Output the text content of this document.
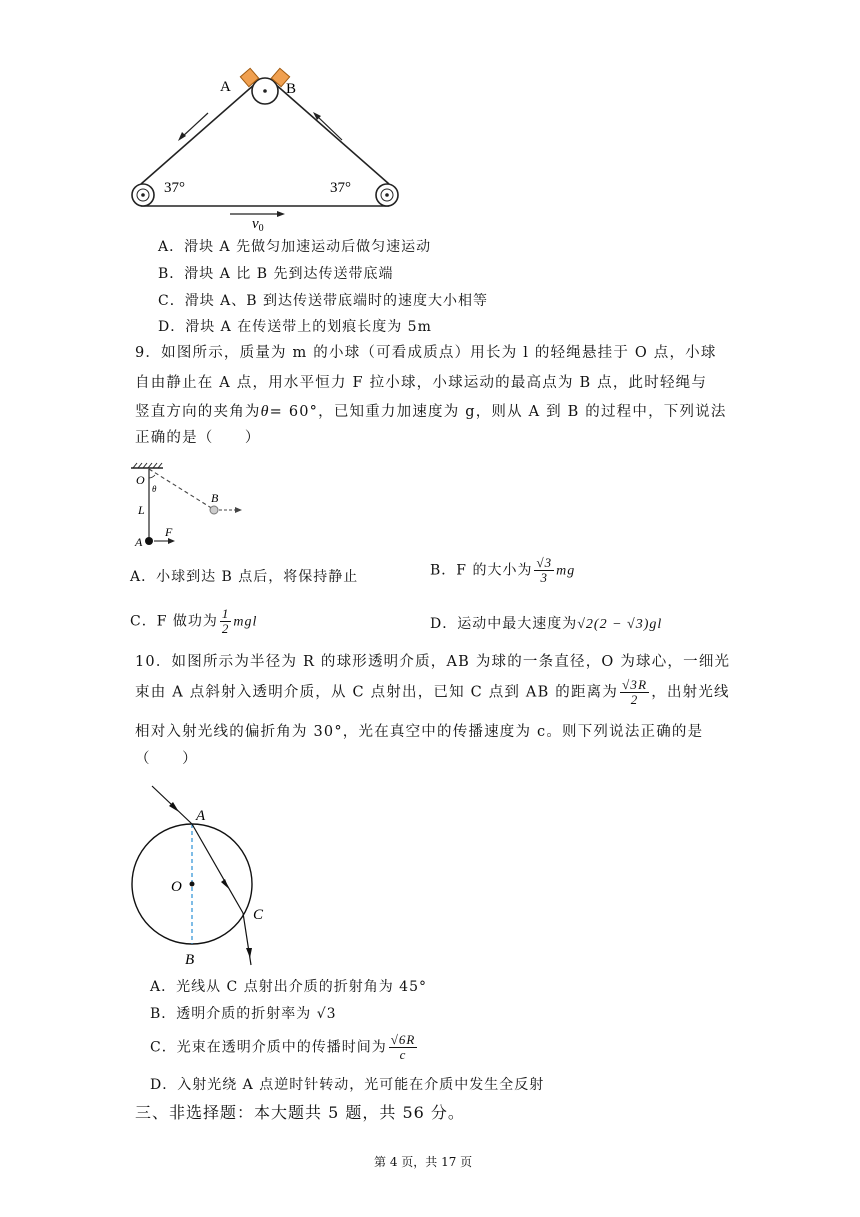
A	B
37°	37°
$v_0$
A．滑块 A 先做匀加速运动后做匀速运动
B．滑块 A 比 B 先到达传送带底端
C．滑块 A、B 到达传送带底端时的速度大小相等
D．滑块 A 在传送带上的划痕长度为 5m
9．如图所示，质量为 m 的小球（可看成质点）用长为 l 的轻绳悬挂于 O 点，小球
自由静止在 A 点，用水平恒力 F 拉小球，小球运动的最高点为 B 点，此时轻绳与
竖直方向的夹角为θ= 60°，已知重力加速度为 g，则从 A 到 B 的过程中，下列说法
正确的是（　　）
O
θ
L
B
A
F
A．小球到达 B 点后，将保持静止	B．F 的大小为 $\frac{√3}{3}$ mg
C．F 做功为 $\frac{1}{2}$ mgl	D．运动中最大速度为√2(2 − √3)gl
10．如图所示为半径为 R 的球形透明介质，AB 为球的一条直径，O 为球心，一细光
束由 A 点斜射入透明介质，从 C 点射出，已知 C 点到 AB 的距离为 $\frac{√3R}{2}$ ，出射光线
相对入射光线的偏折角为 30°，光在真空中的传播速度为 c。则下列说法正确的是
（　　）
A
O
C
B
A．光线从 C 点射出介质的折射角为 45°
B．透明介质的折射率为 √3
C．光束在透明介质中的传播时间为 $\frac{√6R}{c}$
D．入射光绕 A 点逆时针转动，光可能在介质中发生全反射
三、非选择题：本大题共 5 题，共 56 分。
第 4 页，共 17 页
